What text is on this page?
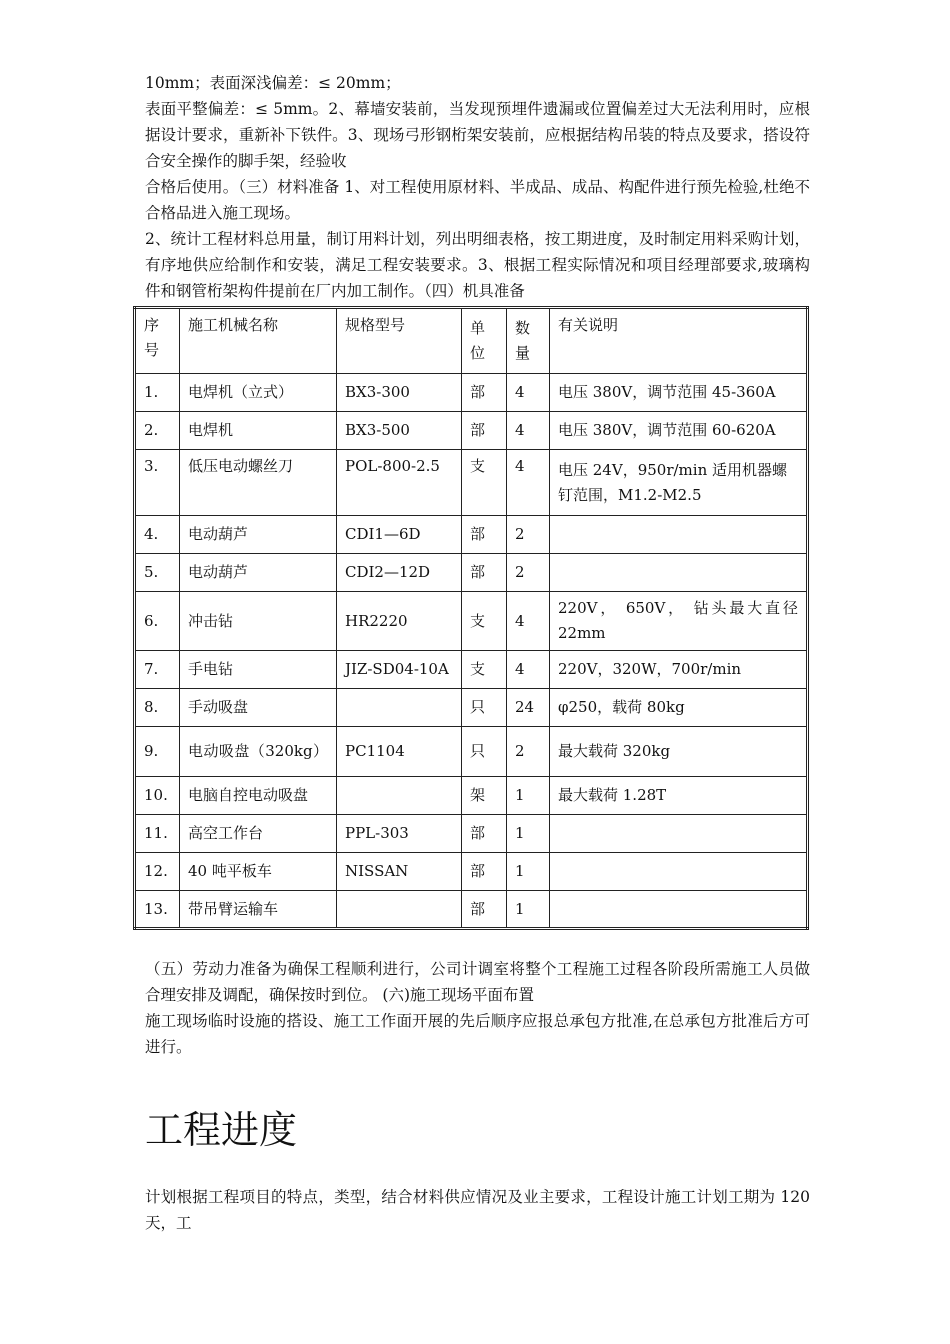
10mm；表面深浅偏差：≤ 20mm；

表面平整偏差：≤ 5mm。2、幕墙安装前，当发现预埋件遗漏或位置偏差过大无法利用时，应根据设计要求，重新补下铁件。3、现场弓形钢桁架安装前，应根据结构吊装的特点及要求，搭设符合安全操作的脚手架，经验收

合格后使用。（三）材料准备 1、对工程使用原材料、半成品、成品、构配件进行预先检验,杜绝不合格品进入施工现场。

2、统计工程材料总用量，制订用料计划，列出明细表格，按工期进度，及时制定用料采购计划，有序地供应给制作和安装，满足工程安装要求。3、根据工程实际情况和项目经理部要求,玻璃构件和钢管桁架构件提前在厂内加工制作。（四）机具准备

序号	施工机械名称	规格型号	单位	数量	有关说明
1.	电焊机（立式）	BX3-300	部	4	电压 380V，调节范围 45-360A
2.	电焊机	BX3-500	部	4	电压 380V，调节范围 60-620A
3.	低压电动螺丝刀	POL-800-2.5	支	4	电压 24V，950r/min 适用机器螺钉范围，M1.2-M2.5
4.	电动葫芦	CDI1—6D	部	2	
5.	电动葫芦	CDI2—12D	部	2	
6.	冲击钻	HR2220	支	4	220V， 650V， 钻头最大直径 22mm
7.	手电钻	JIZ-SD04-10A	支	4	220V，320W，700r/min
8.	手动吸盘		只	24	φ250，载荷 80kg
9.	电动吸盘（320kg）	PC1104	只	2	最大载荷 320kg
10.	电脑自控电动吸盘		架	1	最大载荷 1.28T
11.	高空工作台	PPL-303	部	1	
12.	40 吨平板车	NISSAN	部	1	
13.	带吊臂运输车		部	1	

（五）劳动力准备为确保工程顺利进行，公司计调室将整个工程施工过程各阶段所需施工人员做合理安排及调配，确保按时到位。 (六)施工现场平面布置

施工现场临时设施的搭设、施工工作面开展的先后顺序应报总承包方批准,在总承包方批准后方可进行。

工程进度

计划根据工程项目的特点，类型，结合材料供应情况及业主要求，工程设计施工计划工期为 120 天，工
